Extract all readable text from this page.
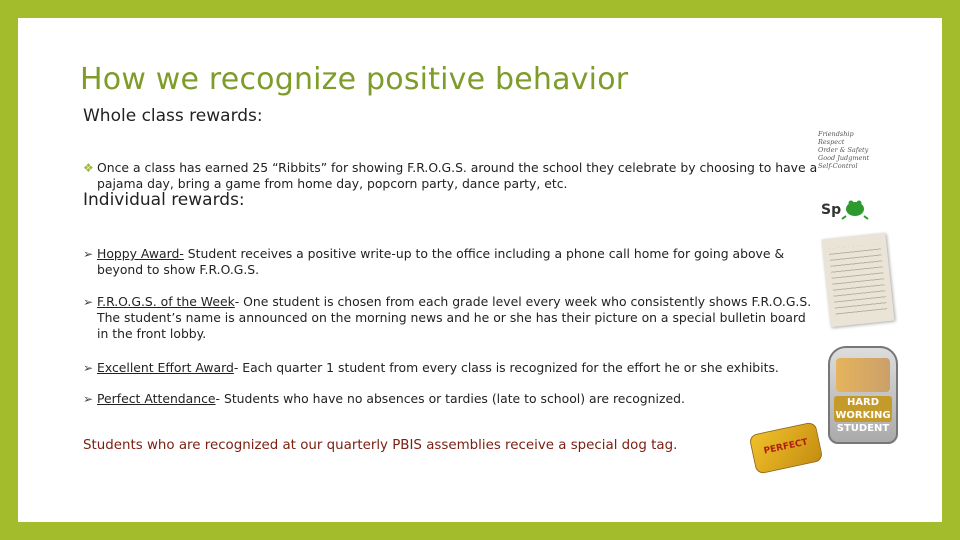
How we recognize positive behavior
Whole class rewards:
❖ Once a class has earned 25 “Ribbits” for showing F.R.O.G.S. around the school they celebrate by choosing to have a pajama day, bring a game from home day, popcorn party, dance party, etc.
Individual rewards:
➢ Hoppy Award- Student receives a positive write-up to the office including a phone call home for going above & beyond to show F.R.O.G.S.
➢ F.R.O.G.S. of the Week- One student is chosen from each grade level every week who consistently shows F.R.O.G.S. The student’s name is announced on the morning news and he or she has their picture on a special bulletin board in the front lobby.
➢ Excellent Effort Award- Each quarter 1 student from every class is recognized for the effort he or she exhibits.
➢ Perfect Attendance- Students who have no absences or tardies (late to school) are recognized.
Students who are recognized at our quarterly PBIS assemblies receive a special dog tag.
Friendship
Respect
Order & Safety
Good Judgment
Self-Control
Sp
HARD WORKING STUDENT
PERFECT
